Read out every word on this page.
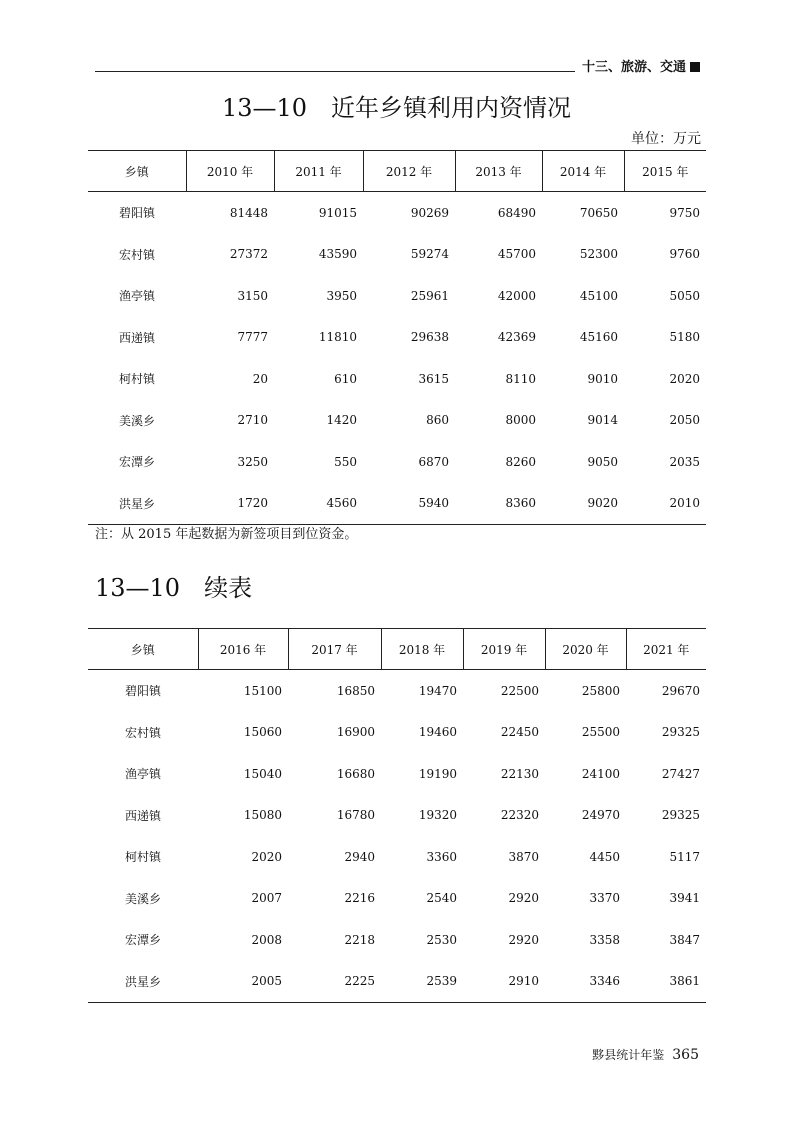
十三、旅游、交通
13—10　近年乡镇利用内资情况
单位：万元
乡镇	2010 年	2011 年	2012 年	2013 年	2014 年	2015 年
碧阳镇	81448	91015	90269	68490	70650	9750
宏村镇	27372	43590	59274	45700	52300	9760
渔亭镇	3150	3950	25961	42000	45100	5050
西递镇	7777	11810	29638	42369	45160	5180
柯村镇	20	610	3615	8110	9010	2020
美溪乡	2710	1420	860	8000	9014	2050
宏潭乡	3250	550	6870	8260	9050	2035
洪星乡	1720	4560	5940	8360	9020	2010
注：从 2015 年起数据为新签项目到位资金。
13—10　续表
乡镇	2016 年	2017 年	2018 年	2019 年	2020 年	2021 年
碧阳镇	15100	16850	19470	22500	25800	29670
宏村镇	15060	16900	19460	22450	25500	29325
渔亭镇	15040	16680	19190	22130	24100	27427
西递镇	15080	16780	19320	22320	24970	29325
柯村镇	2020	2940	3360	3870	4450	5117
美溪乡	2007	2216	2540	2920	3370	3941
宏潭乡	2008	2218	2530	2920	3358	3847
洪星乡	2005	2225	2539	2910	3346	3861
黟县统计年鉴 365
